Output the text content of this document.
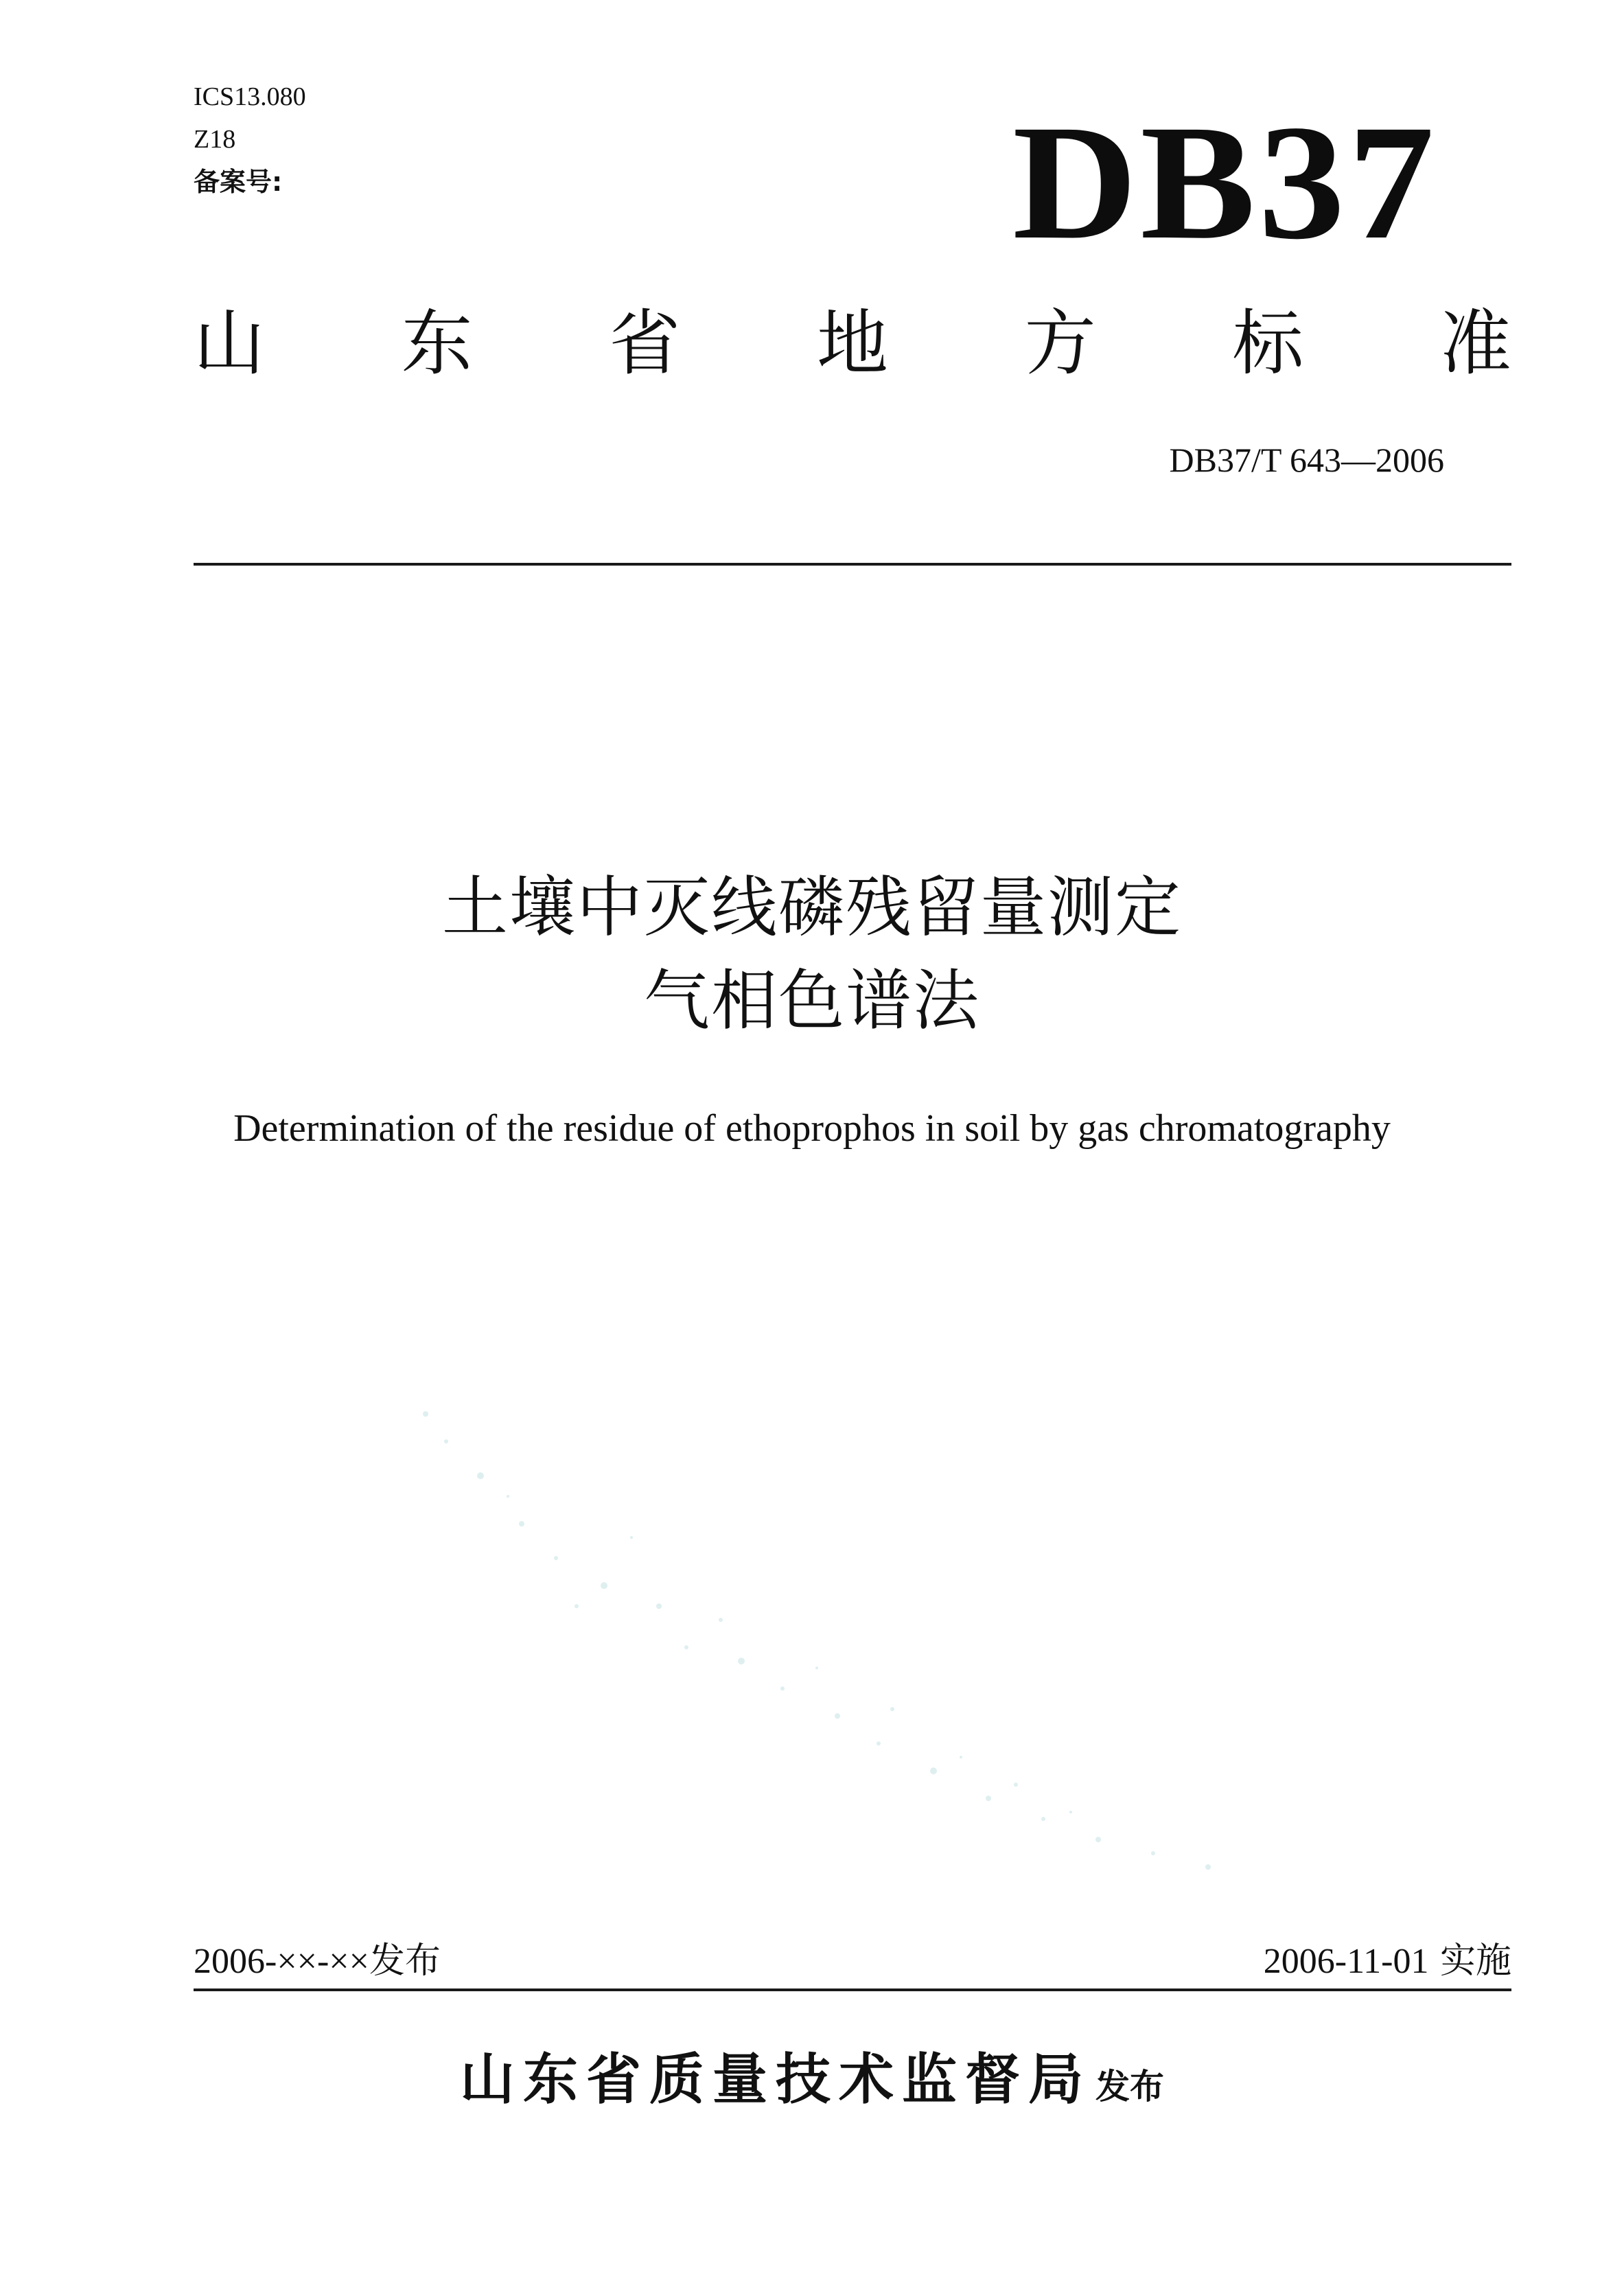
ICS13.080
Z18
备案号:	DB37
山 东 省 地 方 标 准
DB37/T 643—2006
土壤中灭线磷残留量测定
气相色谱法
Determination of the residue of ethoprophos in soil by gas chromatography
2006-××-××发布	2006-11-01 实施
山东省质量技术监督局 发布
